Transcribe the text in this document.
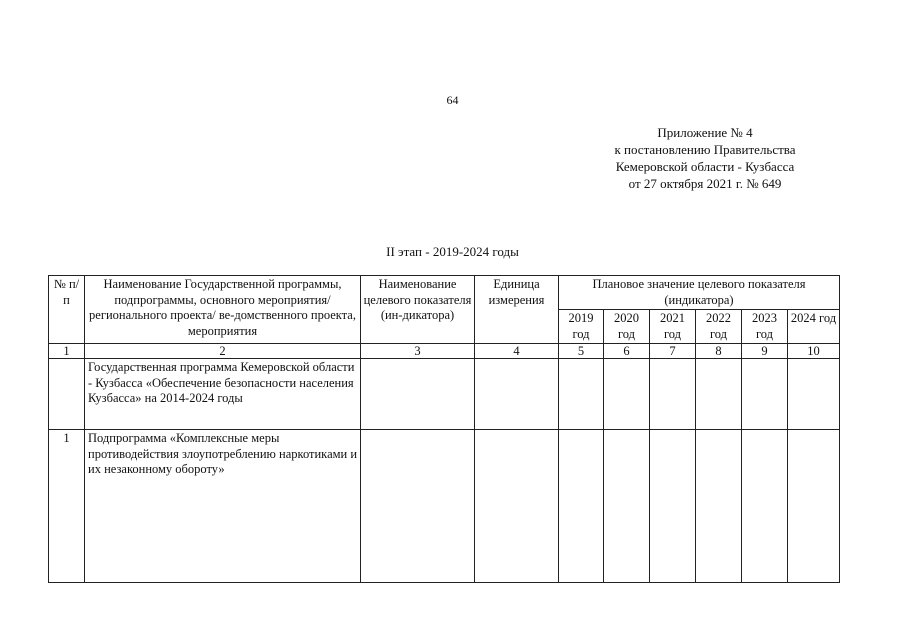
64
Приложение № 4
к постановлению Правительства
Кемеровской области - Кузбасса
от 27 октября 2021 г. № 649
II этап - 2019-2024 годы
№ п/п	Наименование Государственной программы, подпрограммы, основного мероприятия/регионального проекта/ ве-домственного проекта, мероприятия	Наименование целевого показателя (ин-дикатора)	Единица измерения	Плановое значение целевого показателя (индикатора)					
				2019 год	2020 год	2021 год	2022 год	2023 год	2024 год
1	2	3	4	5	6	7	8	9	10
	Государственная программа Кемеровской области - Кузбасса «Обеспечение безопасности населения Кузбасса» на 2014-2024 годы								
1	Подпрограмма «Комплексные меры противодействия злоупотреблению наркотиками и их незаконному обороту»								
